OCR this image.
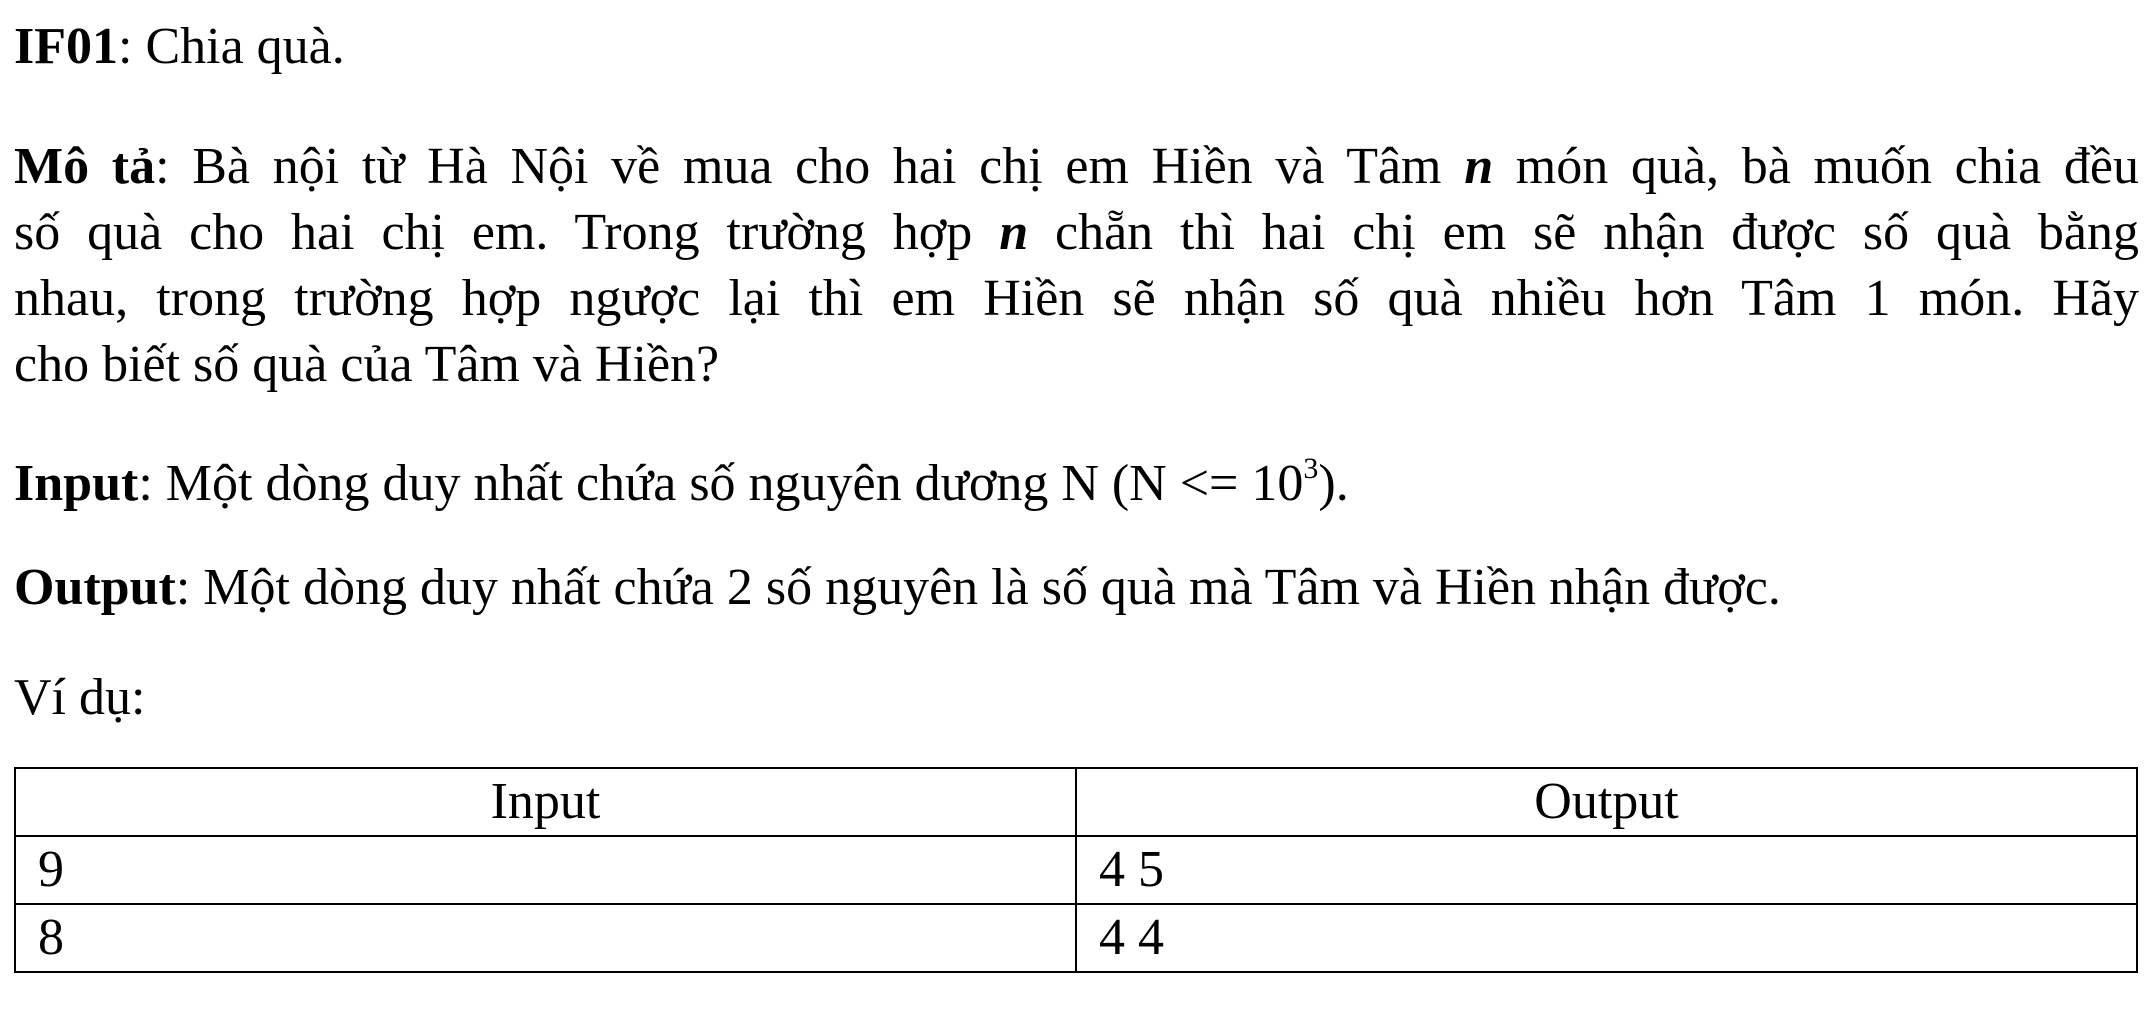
IF01: Chia quà.
Mô tả: Bà nội từ Hà Nội về mua cho hai chị em Hiền và Tâm n món quà, bà muốn chia đều
số quà cho hai chị em. Trong trường hợp n chẵn thì hai chị em sẽ nhận được số quà bằng
nhau, trong trường hợp ngược lại thì em Hiền sẽ nhận số quà nhiều hơn Tâm 1 món. Hãy
cho biết số quà của Tâm và Hiền?
Input: Một dòng duy nhất chứa số nguyên dương N $(N <= 10^3)$.
Output: Một dòng duy nhất chứa 2 số nguyên là số quà mà Tâm và Hiền nhận được.
Ví dụ:
Input	Output
9	4 5
8	4 4
